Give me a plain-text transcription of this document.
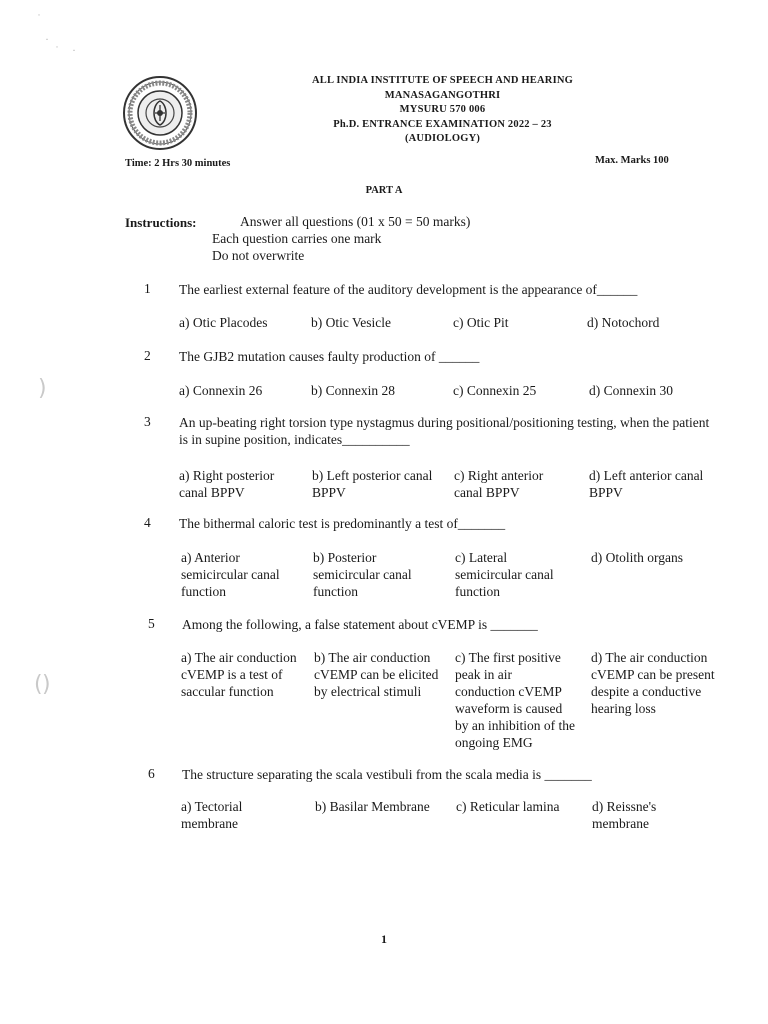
˙
·
˙ ·
)
( )
ALL INDIA INSTITUTE OF SPEECH AND HEARING
MANASAGANGOTHRI
MYSURU 570 006
Ph.D. ENTRANCE EXAMINATION 2022 – 23
(AUDIOLOGY)
Time: 2 Hrs 30 minutes	Max. Marks 100
PART A
Instructions:	Answer all questions (01 x 50 = 50 marks)
Each question carries one mark
Do not overwrite
1 The earliest external feature of the auditory development is the appearance of______
a) Otic Placodes	b) Otic Vesicle	c) Otic Pit	d) Notochord
2 The GJB2 mutation causes faulty production of ______
a) Connexin 26	b) Connexin 28	c) Connexin 25	d) Connexin 30
3 An up-beating right torsion type nystagmus during positional/positioning testing, when the patient is in supine position, indicates__________
a) Right posterior canal BPPV
b) Left posterior canal BPPV
c) Right anterior canal BPPV
d) Left anterior canal BPPV
4 The bithermal caloric test is predominantly a test of_______
a) Anterior semicircular canal function
b) Posterior semicircular canal function
c) Lateral semicircular canal function
d) Otolith organs
5 Among the following, a false statement about cVEMP is _______
a) The air conduction cVEMP is a test of saccular function
b) The air conduction cVEMP can be elicited by electrical stimuli
c) The first positive peak in air conduction cVEMP waveform is caused by an inhibition of the ongoing EMG
d) The air conduction cVEMP can be present despite a conductive hearing loss
6 The structure separating the scala vestibuli from the scala media is _______
a) Tectorial membrane
b) Basilar Membrane	c) Reticular lamina	d) Reissne's membrane
1
